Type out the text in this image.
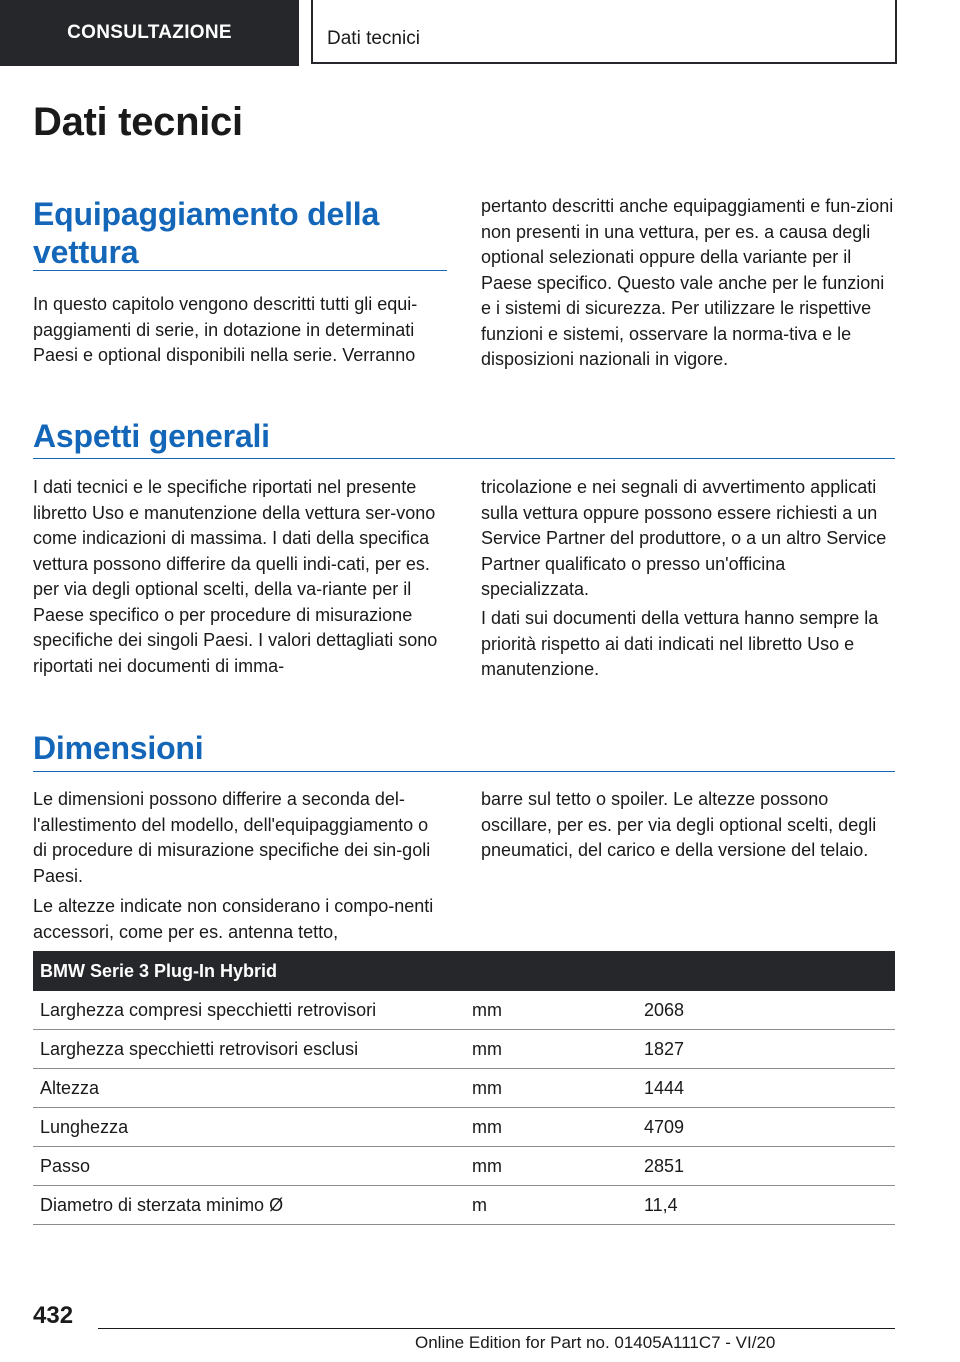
CONSULTAZIONE	Dati tecnici
Dati tecnici
Equipaggiamento della
vettura

In questo capitolo vengono descritti tutti gli equi-paggiamenti di serie, in dotazione in determinati Paesi e optional disponibili nella serie. Verranno

pertanto descritti anche equipaggiamenti e fun-zioni non presenti in una vettura, per es. a causa degli optional selezionati oppure della variante per il Paese specifico. Questo vale anche per le funzioni e i sistemi di sicurezza. Per utilizzare le rispettive funzioni e sistemi, osservare la norma-tiva e le disposizioni nazionali in vigore.

Aspetti generali

I dati tecnici e le specifiche riportati nel presente libretto Uso e manutenzione della vettura ser-vono come indicazioni di massima. I dati della specifica vettura possono differire da quelli indi-cati, per es. per via degli optional scelti, della va-riante per il Paese specifico o per procedure di misurazione specifiche dei singoli Paesi. I valori dettagliati sono riportati nei documenti di imma-

tricolazione e nei segnali di avvertimento applicati sulla vettura oppure possono essere richiesti a un Service Partner del produttore, o a un altro Service Partner qualificato o presso un'officina specializzata.

I dati sui documenti della vettura hanno sempre la priorità rispetto ai dati indicati nel libretto Uso e manutenzione.

Dimensioni

Le dimensioni possono differire a seconda del-l'allestimento del modello, dell'equipaggiamento o di procedure di misurazione specifiche dei sin-goli Paesi.

Le altezze indicate non considerano i compo-nenti accessori, come per es. antenna tetto,

barre sul tetto o spoiler. Le altezze possono oscillare, per es. per via degli optional scelti, degli pneumatici, del carico e della versione del telaio.

BMW Serie 3 Plug-In Hybrid		
Larghezza compresi specchietti retrovisori	mm	2068
Larghezza specchietti retrovisori esclusi	mm	1827
Altezza	mm	1444
Lunghezza	mm	4709
Passo	mm	2851
Diametro di sterzata minimo Ø	m	11,4
432
Online Edition for Part no. 01405A111C7 - VI/20
